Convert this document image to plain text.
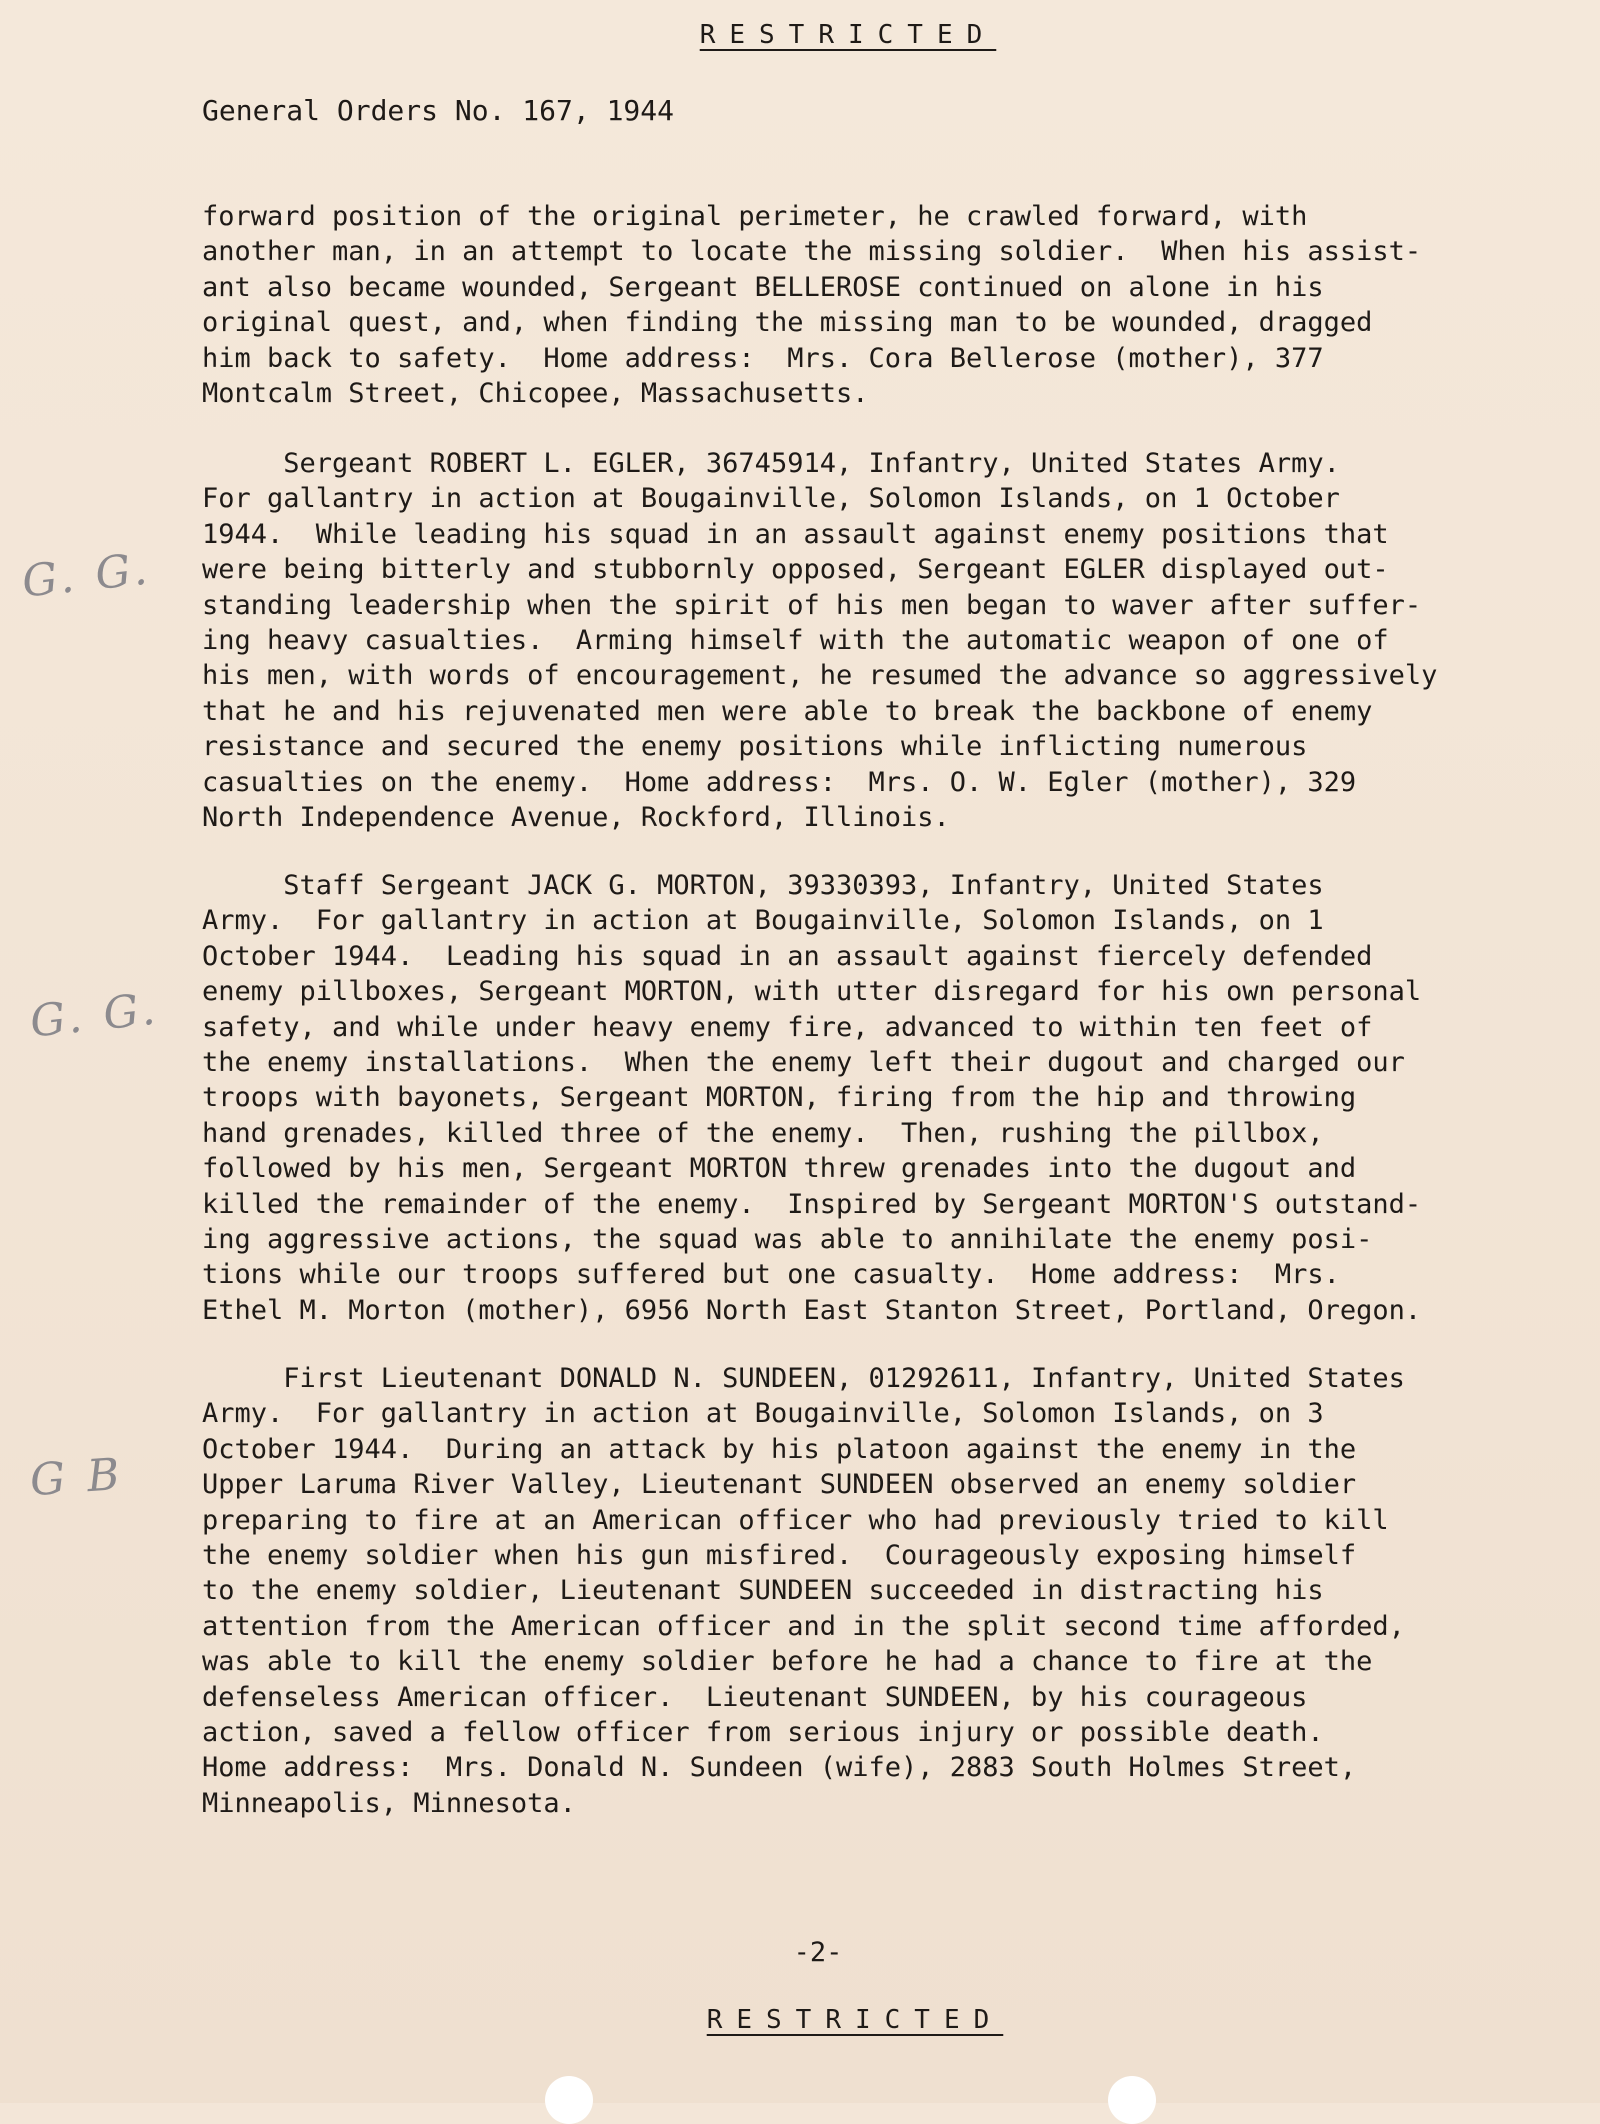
RESTRICTED
General Orders No. 167, 1944
forward position of the original perimeter, he crawled forward, with
another man, in an attempt to locate the missing soldier.  When his assist-
ant also became wounded, Sergeant BELLEROSE continued on alone in his
original quest, and, when finding the missing man to be wounded, dragged
him back to safety.  Home address:  Mrs. Cora Bellerose (mother), 377
Montcalm Street, Chicopee, Massachusetts.
G. G.
Sergeant ROBERT L. EGLER, 36745914, Infantry, United States Army.
For gallantry in action at Bougainville, Solomon Islands, on 1 October
1944.  While leading his squad in an assault against enemy positions that
were being bitterly and stubbornly opposed, Sergeant EGLER displayed out-
standing leadership when the spirit of his men began to waver after suffer-
ing heavy casualties.  Arming himself with the automatic weapon of one of
his men, with words of encouragement, he resumed the advance so aggressively
that he and his rejuvenated men were able to break the backbone of enemy
resistance and secured the enemy positions while inflicting numerous
casualties on the enemy.  Home address:  Mrs. O. W. Egler (mother), 329
North Independence Avenue, Rockford, Illinois.
G. G.
Staff Sergeant JACK G. MORTON, 39330393, Infantry, United States
Army.  For gallantry in action at Bougainville, Solomon Islands, on 1
October 1944.  Leading his squad in an assault against fiercely defended
enemy pillboxes, Sergeant MORTON, with utter disregard for his own personal
safety, and while under heavy enemy fire, advanced to within ten feet of
the enemy installations.  When the enemy left their dugout and charged our
troops with bayonets, Sergeant MORTON, firing from the hip and throwing
hand grenades, killed three of the enemy.  Then, rushing the pillbox,
followed by his men, Sergeant MORTON threw grenades into the dugout and
killed the remainder of the enemy.  Inspired by Sergeant MORTON'S outstand-
ing aggressive actions, the squad was able to annihilate the enemy posi-
tions while our troops suffered but one casualty.  Home address:  Mrs.
Ethel M. Morton (mother), 6956 North East Stanton Street, Portland, Oregon.
G B
First Lieutenant DONALD N. SUNDEEN, 01292611, Infantry, United States
Army.  For gallantry in action at Bougainville, Solomon Islands, on 3
October 1944.  During an attack by his platoon against the enemy in the
Upper Laruma River Valley, Lieutenant SUNDEEN observed an enemy soldier
preparing to fire at an American officer who had previously tried to kill
the enemy soldier when his gun misfired.  Courageously exposing himself
to the enemy soldier, Lieutenant SUNDEEN succeeded in distracting his
attention from the American officer and in the split second time afforded,
was able to kill the enemy soldier before he had a chance to fire at the
defenseless American officer.  Lieutenant SUNDEEN, by his courageous
action, saved a fellow officer from serious injury or possible death.
Home address:  Mrs. Donald N. Sundeen (wife), 2883 South Holmes Street,
Minneapolis, Minnesota.
-2-
RESTRICTED
